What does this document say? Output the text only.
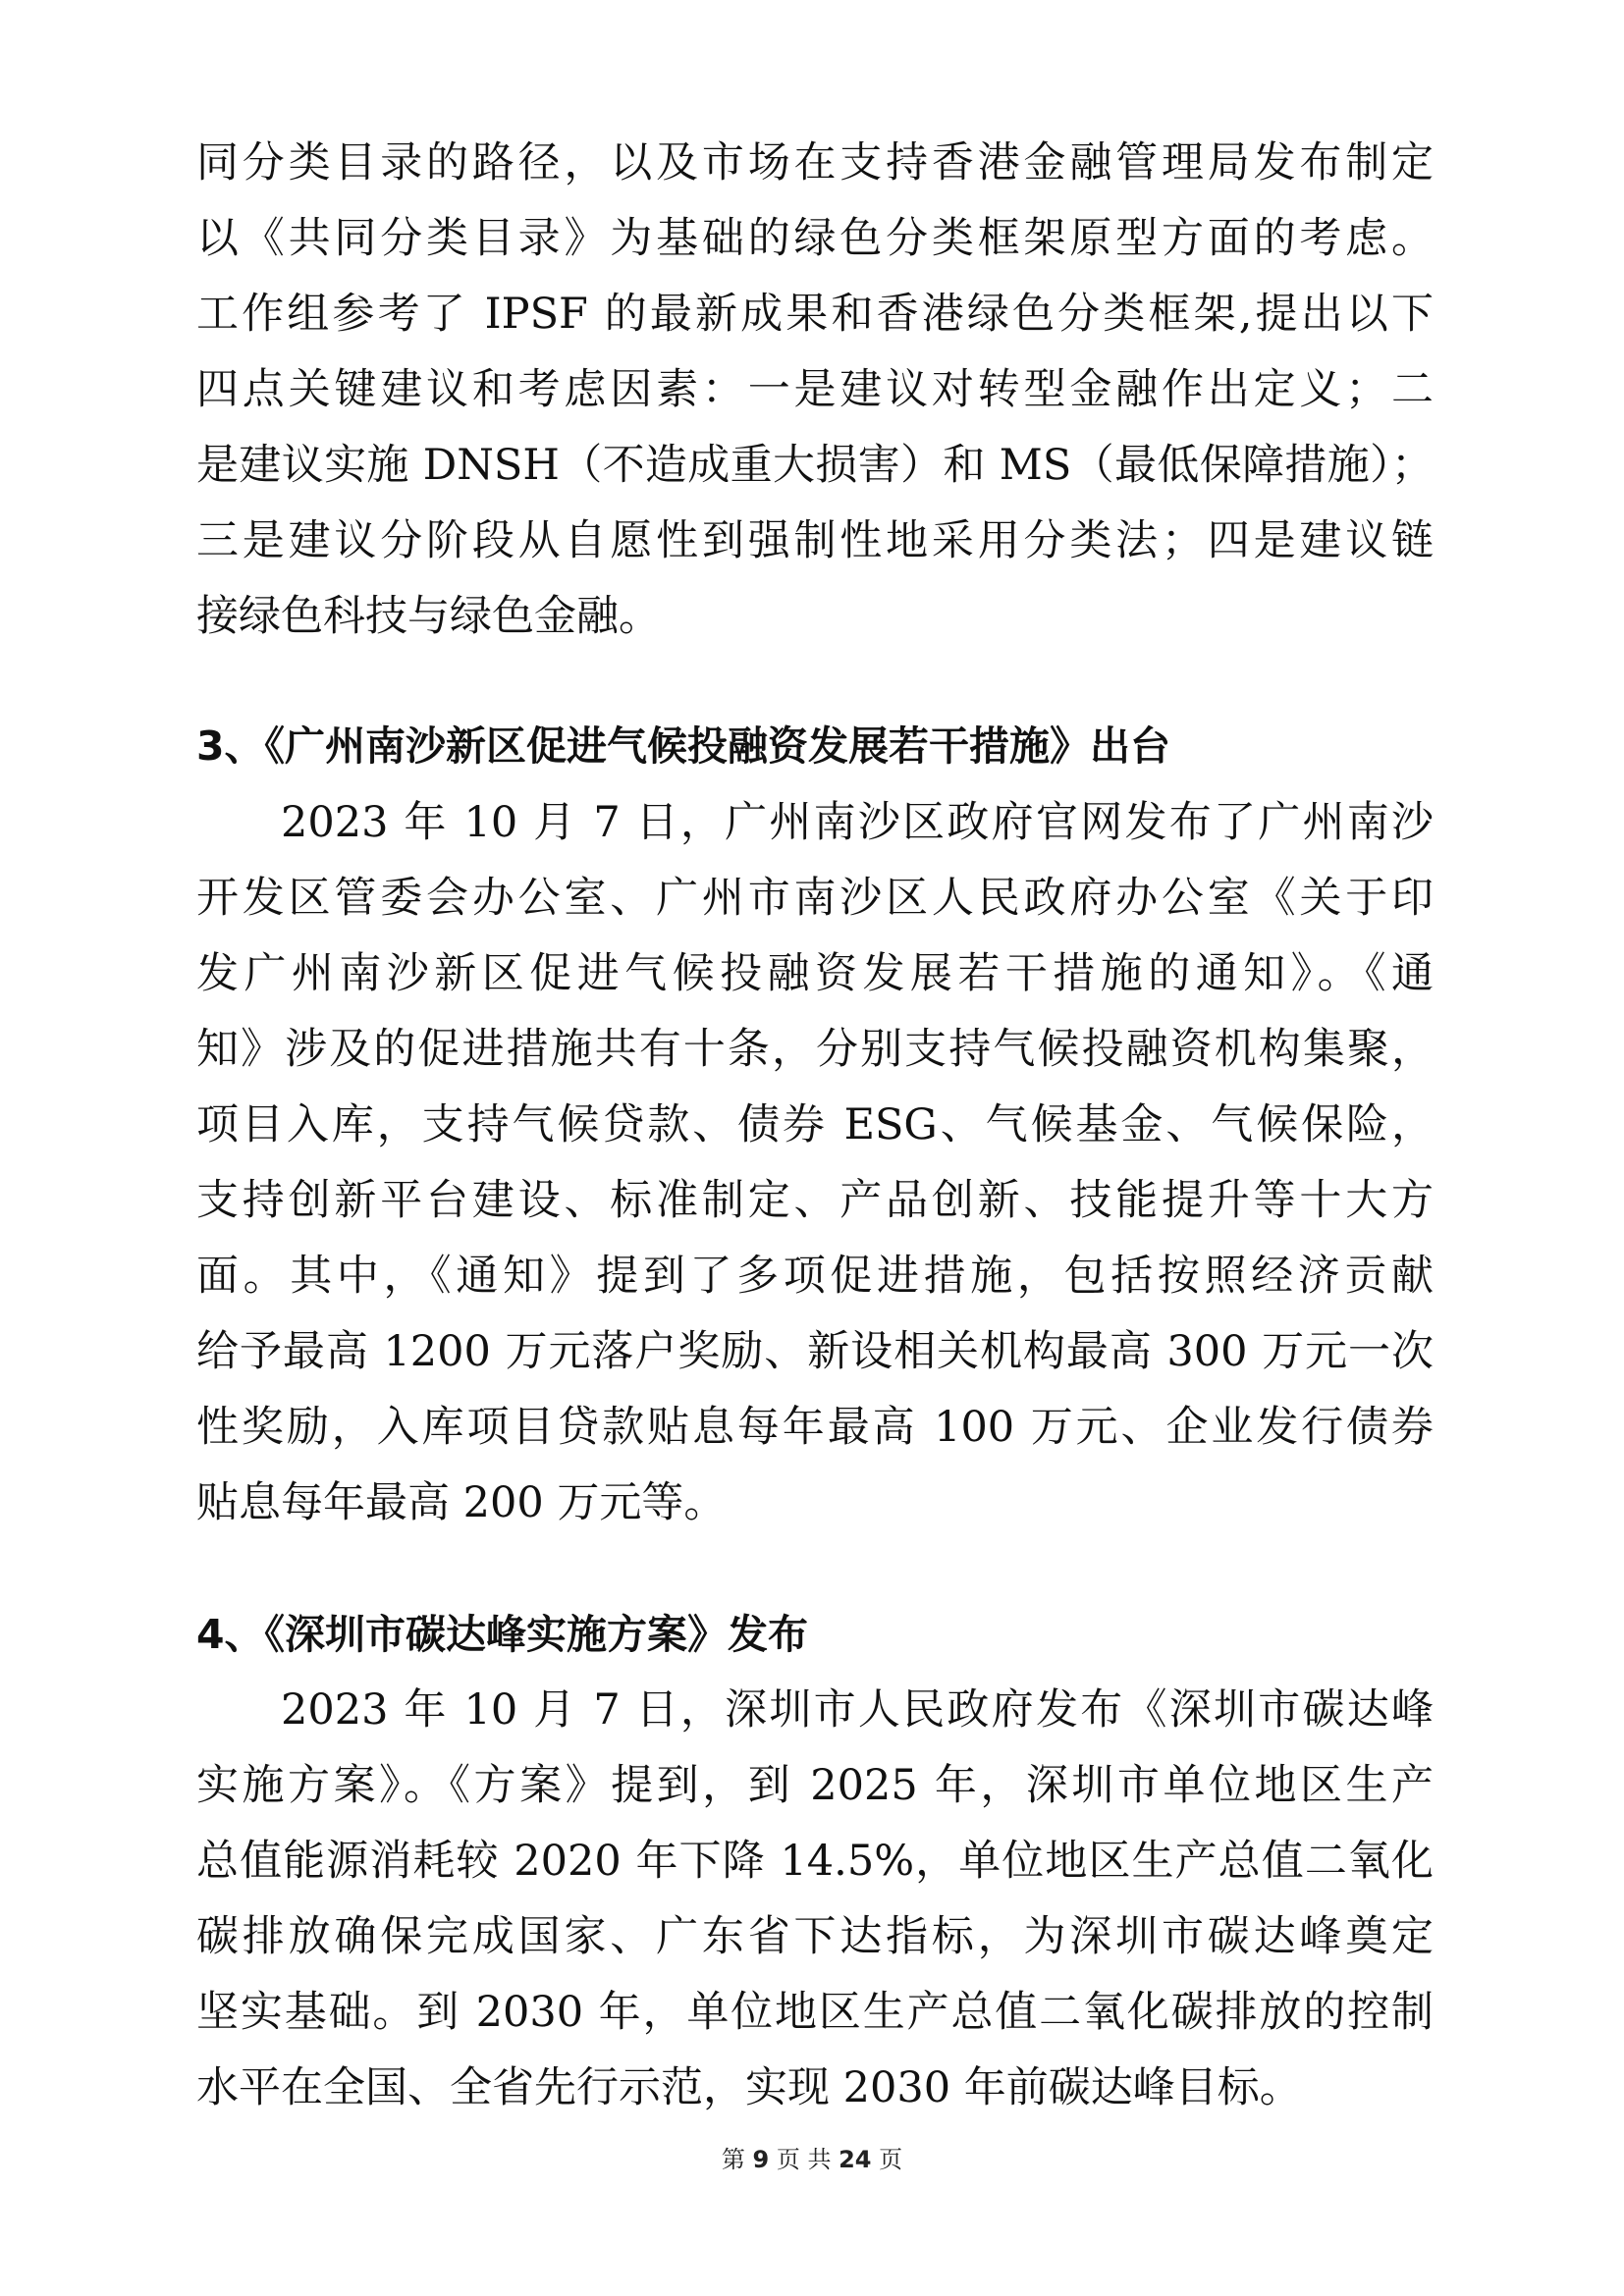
同分类目录的路径，以及市场在支持香港金融管理局发布制定
以《共同分类目录》为基础的绿色分类框架原型方面的考虑。
工作组参考了 IPSF 的最新成果和香港绿色分类框架,提出以下
四点关键建议和考虑因素：一是建议对转型金融作出定义；二
是建议实施 DNSH（不造成重大损害）和 MS（最低保障措施）；
三是建议分阶段从自愿性到强制性地采用分类法；四是建议链
接绿色科技与绿色金融。
3、《广州南沙新区促进气候投融资发展若干措施》出台
2023 年 10 月 7 日，广州南沙区政府官网发布了广州南沙
开发区管委会办公室、广州市南沙区人民政府办公室《关于印
发广州南沙新区促进气候投融资发展若干措施的通知》。《通
知》涉及的促进措施共有十条，分别支持气候投融资机构集聚，
项目入库，支持气候贷款、债券 ESG、气候基金、气候保险，
支持创新平台建设、标准制定、产品创新、技能提升等十大方
面。其中，《通知》提到了多项促进措施，包括按照经济贡献
给予最高 1200 万元落户奖励、新设相关机构最高 300 万元一次
性奖励，入库项目贷款贴息每年最高 100 万元、企业发行债券
贴息每年最高 200 万元等。
4、《深圳市碳达峰实施方案》发布
2023 年 10 月 7 日，深圳市人民政府发布《深圳市碳达峰
实施方案》。《方案》提到，到 2025 年，深圳市单位地区生产
总值能源消耗较 2020 年下降 14.5%，单位地区生产总值二氧化
碳排放确保完成国家、广东省下达指标，为深圳市碳达峰奠定
坚实基础。到 2030 年，单位地区生产总值二氧化碳排放的控制
水平在全国、全省先行示范，实现 2030 年前碳达峰目标。
第 9 页 共 24 页
